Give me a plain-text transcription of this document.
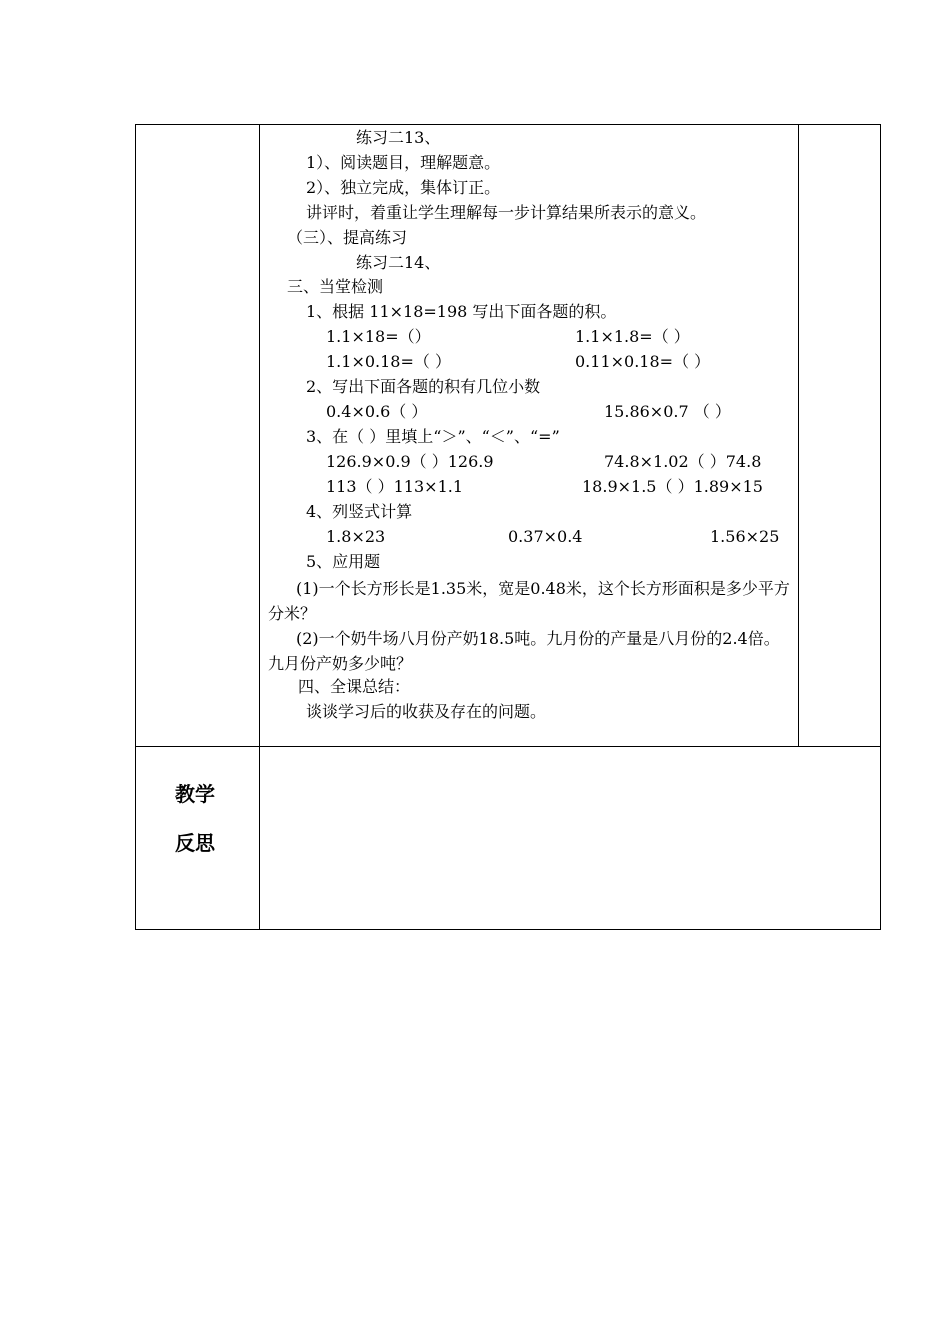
练习二13、
1）、阅读题目，理解题意。
2）、独立完成，集体订正。
讲评时，着重让学生理解每一步计算结果所表示的意义。
（三）、提高练习
练习二14、
三、当堂检测
1、根据 11×18=198 写出下面各题的积。
1.1×18=（）	1.1×1.8=（ ）
1.1×0.18=（ ）	0.11×0.18=（ ）
2、写出下面各题的积有几位小数
0.4×0.6（ ）	15.86×0.7 （ ）
3、在（ ）里填上“＞”、“＜”、“=”
126.9×0.9（ ）126.9	74.8×1.02（ ）74.8
113（ ）113×1.1	18.9×1.5（ ）1.89×15
4、列竖式计算
1.8×23	0.37×0.4	1.56×25
5、应用题
(1)一个长方形长是1.35米，宽是0.48米，这个长方形面积是多少平方分米？
(2)一个奶牛场八月份产奶18.5吨。九月份的产量是八月份的2.4倍。九月份产奶多少吨？
四、全课总结：
谈谈学习后的收获及存在的问题。
教学
反思
